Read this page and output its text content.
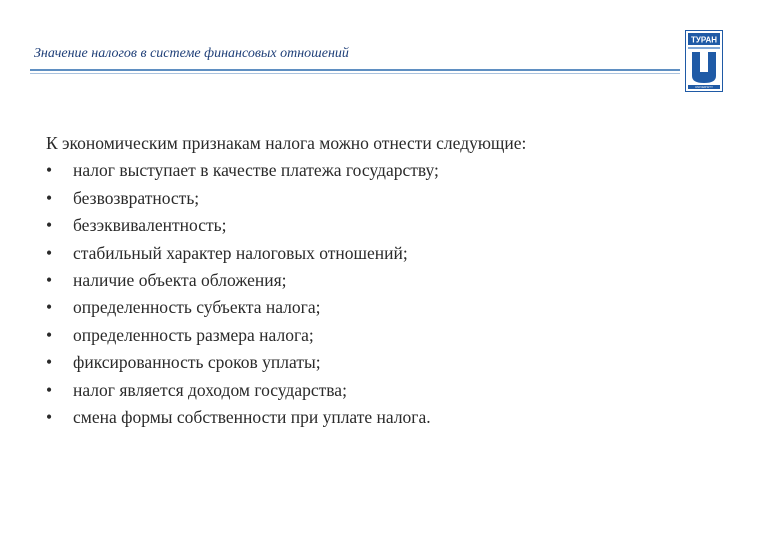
Значение налогов в системе финансовых отношений
ТУРАН
UNIVERSITY
К экономическим признакам налога можно отнести следующие:
•	налог выступает в качестве платежа государству;
•	безвозвратность;
•	безэквивалентность;
•	стабильный характер налоговых отношений;
•	наличие объекта обложения;
•	определенность субъекта налога;
•	определенность размера налога;
•	фиксированность сроков уплаты;
•	налог является доходом государства;
•	смена формы собственности при уплате налога.
